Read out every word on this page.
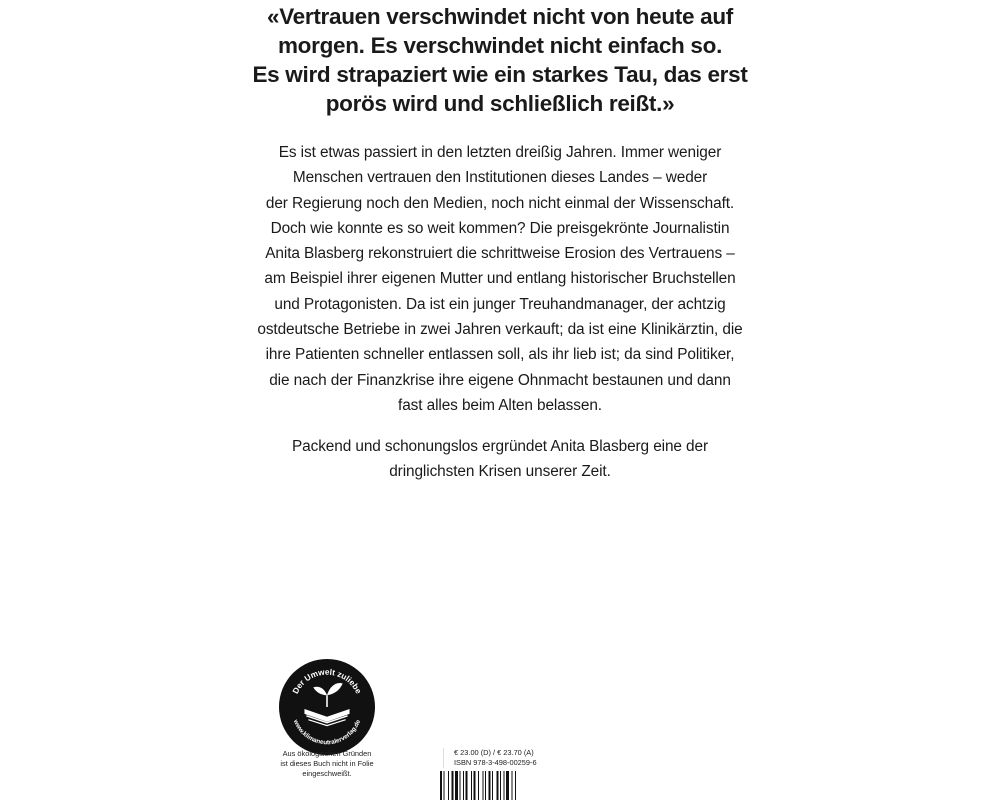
«Vertrauen verschwindet nicht von heute auf
morgen. Es verschwindet nicht einfach so.
Es wird strapaziert wie ein starkes Tau, das erst
porös wird und schließlich reißt.»
Es ist etwas passiert in den letzten dreißig Jahren. Immer weniger
Menschen vertrauen den Institutionen dieses Landes – weder
der Regierung noch den Medien, noch nicht einmal der Wissenschaft.
Doch wie konnte es so weit kommen? Die preisgekrönte Journalistin
Anita Blasberg rekonstruiert die schrittweise Erosion des Vertrauens –
am Beispiel ihrer eigenen Mutter und entlang historischer Bruchstellen
und Protagonisten. Da ist ein junger Treuhandmanager, der achtzig
ostdeutsche Betriebe in zwei Jahren verkauft; da ist eine Klinikärztin, die
ihre Patienten schneller entlassen soll, als ihr lieb ist; da sind Politiker,
die nach der Finanzkrise ihre eigene Ohnmacht bestaunen und dann
fast alles beim Alten belassen.
Packend und schonungslos ergründet Anita Blasberg eine der
dringlichsten Krisen unserer Zeit.
Der Umwelt zuliebe
www.klimaneutralerverlag.de
Aus ökologischen Gründen
ist dieses Buch nicht in Folie
eingeschweißt.
€ 23.00 (D) / € 23.70 (A)
ISBN 978-3-498-00259-6
